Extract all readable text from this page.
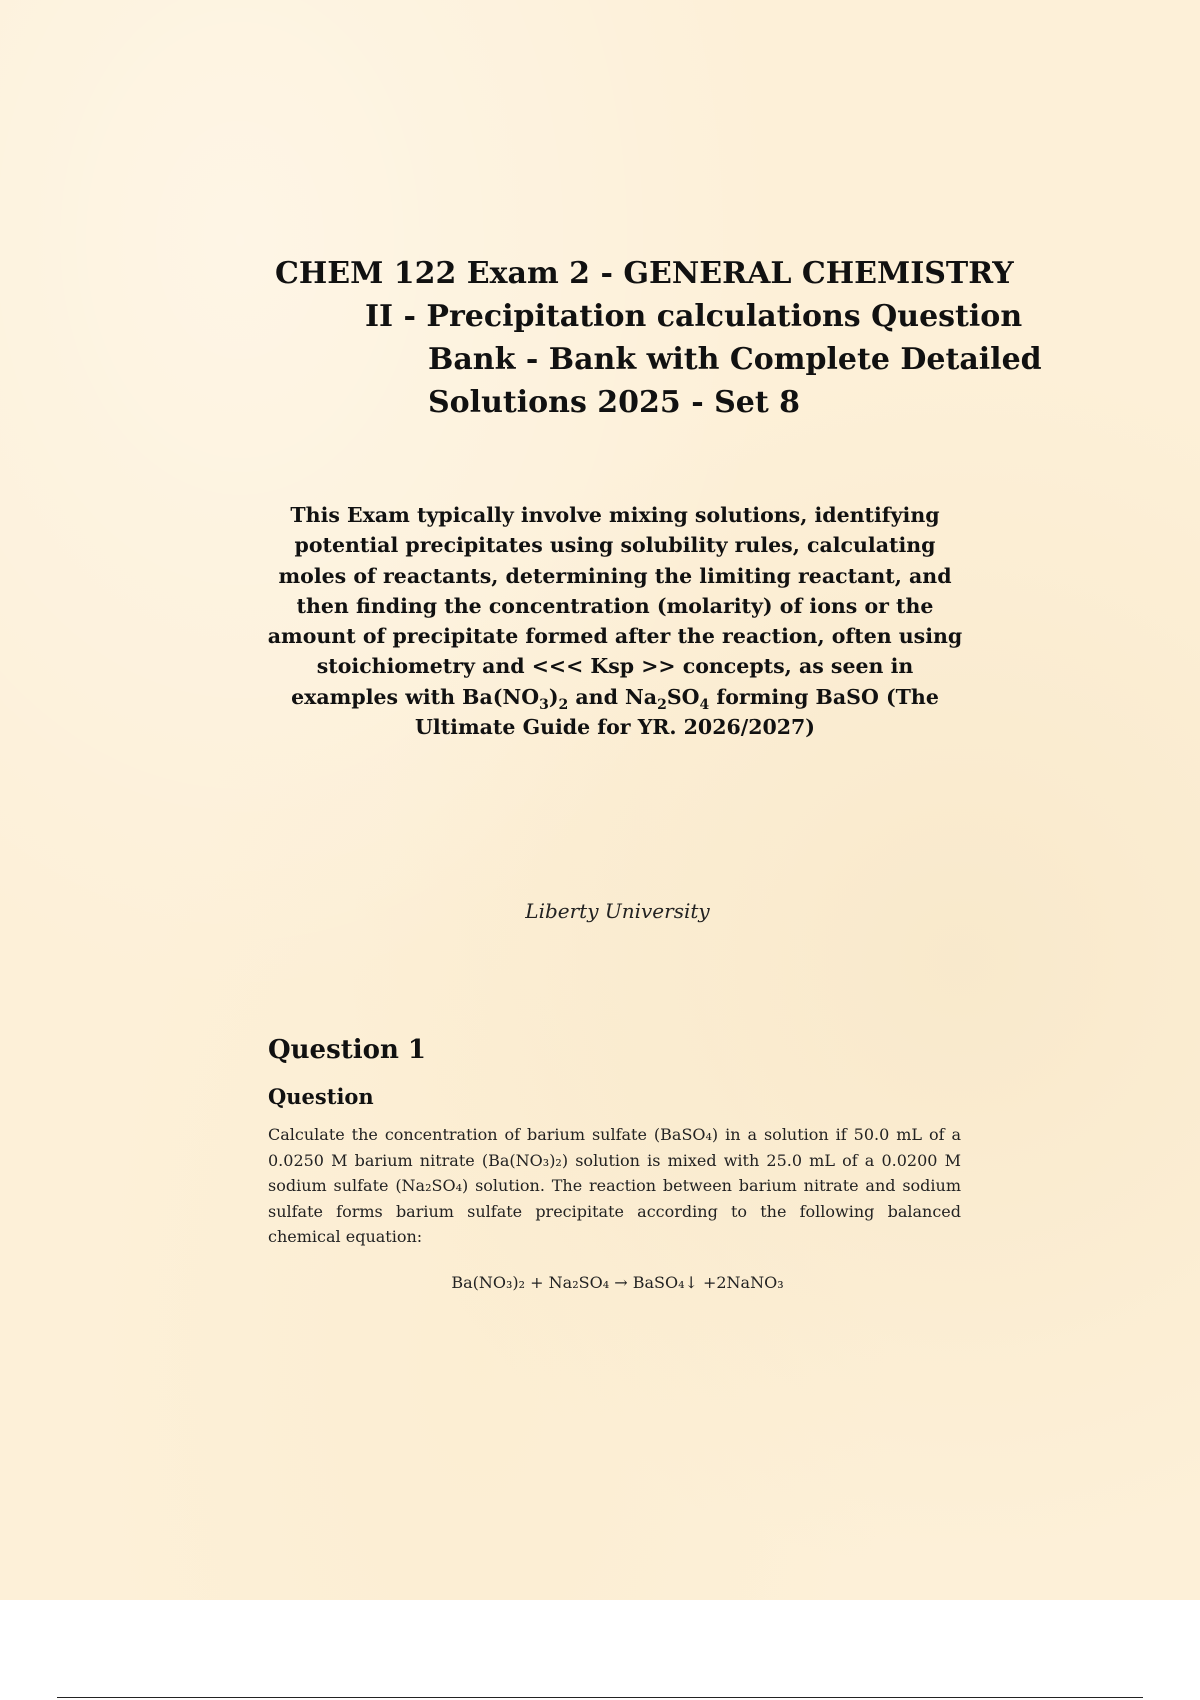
CHEM 122 Exam 2 - GENERAL CHEMISTRY
II - Precipitation calculations Question
Bank - Bank with Complete Detailed
Solutions 2025 - Set 8
This Exam typically involve mixing solutions, identifying potential precipitates using solubility rules, calculating moles of reactants, determining the limiting reactant, and then finding the concentration (molarity) of ions or the amount of precipitate formed after the reaction, often using stoichiometry and <<< Ksp >> concepts, as seen in examples with $Ba(NO_3)_2$ and $Na_2SO_4$ forming BaSO (The Ultimate Guide for YR. 2026/2027)
Liberty University
Question 1
Question
Calculate the concentration of barium sulfate (BaSO₄) in a solution if 50.0 mL of a 0.0250 M barium nitrate (Ba(NO₃)₂) solution is mixed with 25.0 mL of a 0.0200 M sodium sulfate (Na₂SO₄) solution. The reaction between barium nitrate and sodium sulfate forms barium sulfate precipitate according to the following balanced chemical equation:
Ba(NO₃)₂ + Na₂SO₄ → BaSO₄↓ +2NaNO₃
